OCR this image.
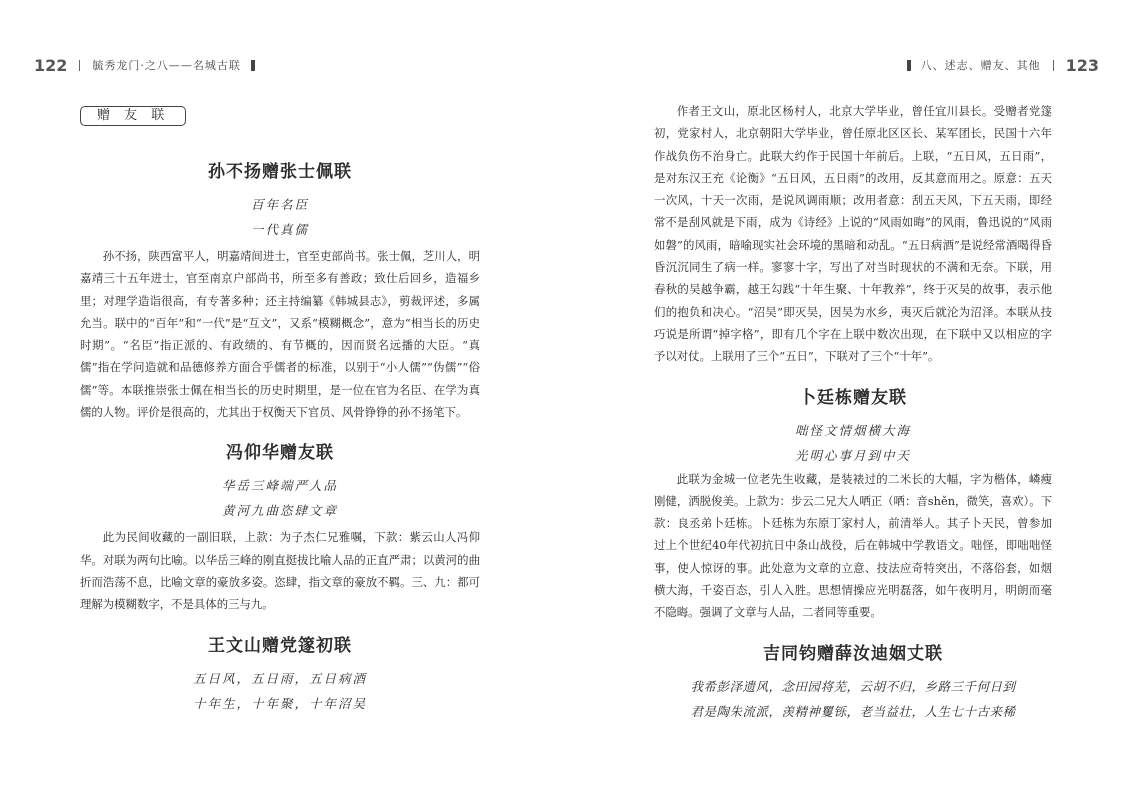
122 毓秀龙门·之八——名城古联
赠 友 联
孙不扬赠张士佩联
百年名臣
一代真儒

孙不扬，陕西富平人，明嘉靖间进士，官至吏部尚书。张士佩，芝川人，明嘉靖三十五年进士，官至南京户部尚书，所至多有善政；致仕后回乡，造福乡里；对理学造诣很高，有专著多种；还主持编纂《韩城县志》，剪裁评述，多属允当。联中的“百年”和“一代”是“互文”，又系“模糊概念”，意为“相当长的历史时期”。“名臣”指正派的、有政绩的、有节概的，因而贤名远播的大臣。“真儒”指在学问造就和品德修养方面合乎儒者的标准，以别于“小人儒”“伪儒”“俗儒”等。本联推崇张士佩在相当长的历史时期里，是一位在官为名臣、在学为真儒的人物。评价是很高的，尤其出于权衡天下官员、风骨铮铮的孙不扬笔下。

冯仰华赠友联
华岳三峰端严人品
黄河九曲恣肆文章

此为民间收藏的一副旧联，上款：为子杰仁兄雅嘱，下款：紫云山人冯仰华。对联为两句比喻。以华岳三峰的刚直挺拔比喻人品的正直严肃；以黄河的曲折而浩荡不息，比喻文章的豪放多姿。恣肆，指文章的豪放不羁。三、九：都可理解为模糊数字，不是具体的三与九。

王文山赠党篴初联
五日风，五日雨，五日病酒
十年生，十年聚，十年沼吴
八、述志、赠友、其他 123

作者王文山，原北区杨村人，北京大学毕业，曾任宜川县长。受赠者党篴初，党家村人，北京朝阳大学毕业，曾任原北区区长、某军团长，民国十六年作战负伤不治身亡。此联大约作于民国十年前后。上联，“五日风，五日雨”，是对东汉王充《论衡》“五日风，五日雨”的改用，反其意而用之。原意：五天一次风，十天一次雨，是说风调雨顺；改用者意：刮五天风，下五天雨，即经常不是刮风就是下雨，成为《诗经》上说的“风雨如晦”的风雨，鲁迅说的“风雨如磐”的风雨，暗喻现实社会环境的黑暗和动乱。“五日病酒”是说经常酒喝得昏昏沉沉同生了病一样。寥寥十字，写出了对当时现状的不满和无奈。下联，用春秋的吴越争霸，越王勾践“十年生聚、十年教养”，终于灭吴的故事，表示他们的抱负和决心。“沼吴”即灭吴，因吴为水乡，夷灭后就沦为沼泽。本联从技巧说是所谓“掉字格”，即有几个字在上联中数次出现，在下联中又以相应的字予以对仗。上联用了三个“五日”，下联对了三个“十年”。

卜廷栋赠友联
咄怪文情烟横大海
光明心事月到中天

此联为金城一位老先生收藏，是装裱过的二米长的大幅，字为楷体，嶙瘦刚健，洒脱俊美。上款为：步云二兄大人哂正（哂：音shěn，微笑，喜欢）。下款：良丞弟卜廷栋。卜廷栋为东原丁家村人，前清举人。其子卜天民，曾参加过上个世纪40年代初抗日中条山战役，后在韩城中学教语文。咄怪，即咄咄怪事，使人惊讶的事。此处意为文章的立意、技法应奇特突出，不落俗套，如烟横大海，千姿百态，引人入胜。思想情操应光明磊落，如午夜明月，明朗而毫不隐晦。强调了文章与人品，二者同等重要。

吉同钧赠薛汝迪姻丈联
我希彭泽遗风，念田园将芜，云胡不归，乡路三千何日到
君是陶朱流派，羡精神矍铄，老当益壮，人生七十古来稀
